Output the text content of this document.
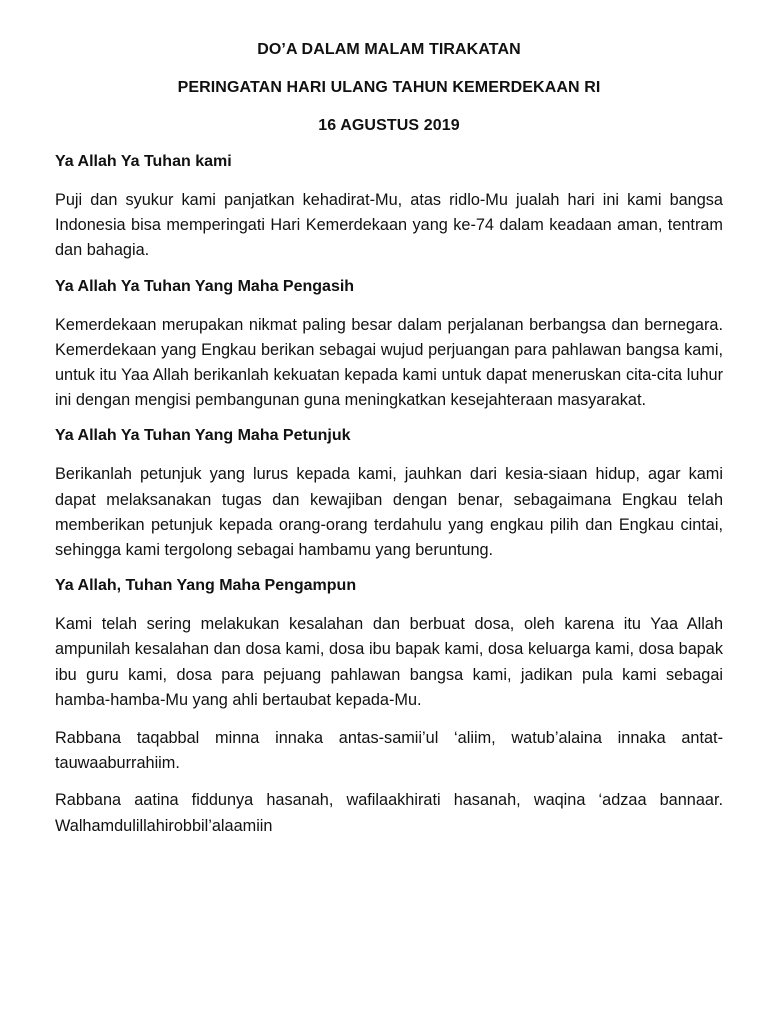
DO’A DALAM MALAM TIRAKATAN
PERINGATAN HARI ULANG TAHUN KEMERDEKAAN RI
16 AGUSTUS 2019
Ya Allah Ya Tuhan kami
Puji dan syukur kami panjatkan kehadirat-Mu, atas ridlo-Mu jualah hari ini kami bangsa Indonesia bisa memperingati Hari Kemerdekaan yang ke-74 dalam keadaan aman, tentram dan bahagia.
Ya Allah Ya Tuhan Yang Maha Pengasih
Kemerdekaan merupakan nikmat paling besar dalam perjalanan berbangsa dan bernegara. Kemerdekaan yang Engkau berikan sebagai wujud perjuangan para pahlawan bangsa kami, untuk itu Yaa Allah berikanlah kekuatan kepada kami untuk dapat meneruskan cita-cita luhur ini dengan mengisi pembangunan guna meningkatkan kesejahteraan masyarakat.
Ya Allah Ya Tuhan Yang Maha Petunjuk
Berikanlah petunjuk yang lurus kepada kami, jauhkan dari kesia-siaan hidup, agar kami dapat melaksanakan tugas dan kewajiban dengan benar, sebagaimana Engkau telah memberikan petunjuk kepada orang-orang terdahulu yang engkau pilih dan Engkau cintai, sehingga kami tergolong sebagai hambamu yang beruntung.
Ya Allah, Tuhan Yang Maha Pengampun
Kami telah sering melakukan kesalahan dan berbuat dosa, oleh karena itu Yaa Allah ampunilah kesalahan dan dosa kami, dosa ibu bapak kami, dosa keluarga kami, dosa bapak ibu guru kami, dosa para pejuang pahlawan bangsa kami, jadikan pula kami sebagai hamba-hamba-Mu yang ahli bertaubat kepada-Mu.
Rabbana taqabbal minna innaka antas-samii’ul ‘aliim, watub’alaina innaka antat-tauwaaburrahiim.
Rabbana aatina fiddunya hasanah, wafilaakhirati hasanah, waqina ‘adzaa bannaar. Walhamdulillahirobbil’alaamiin
